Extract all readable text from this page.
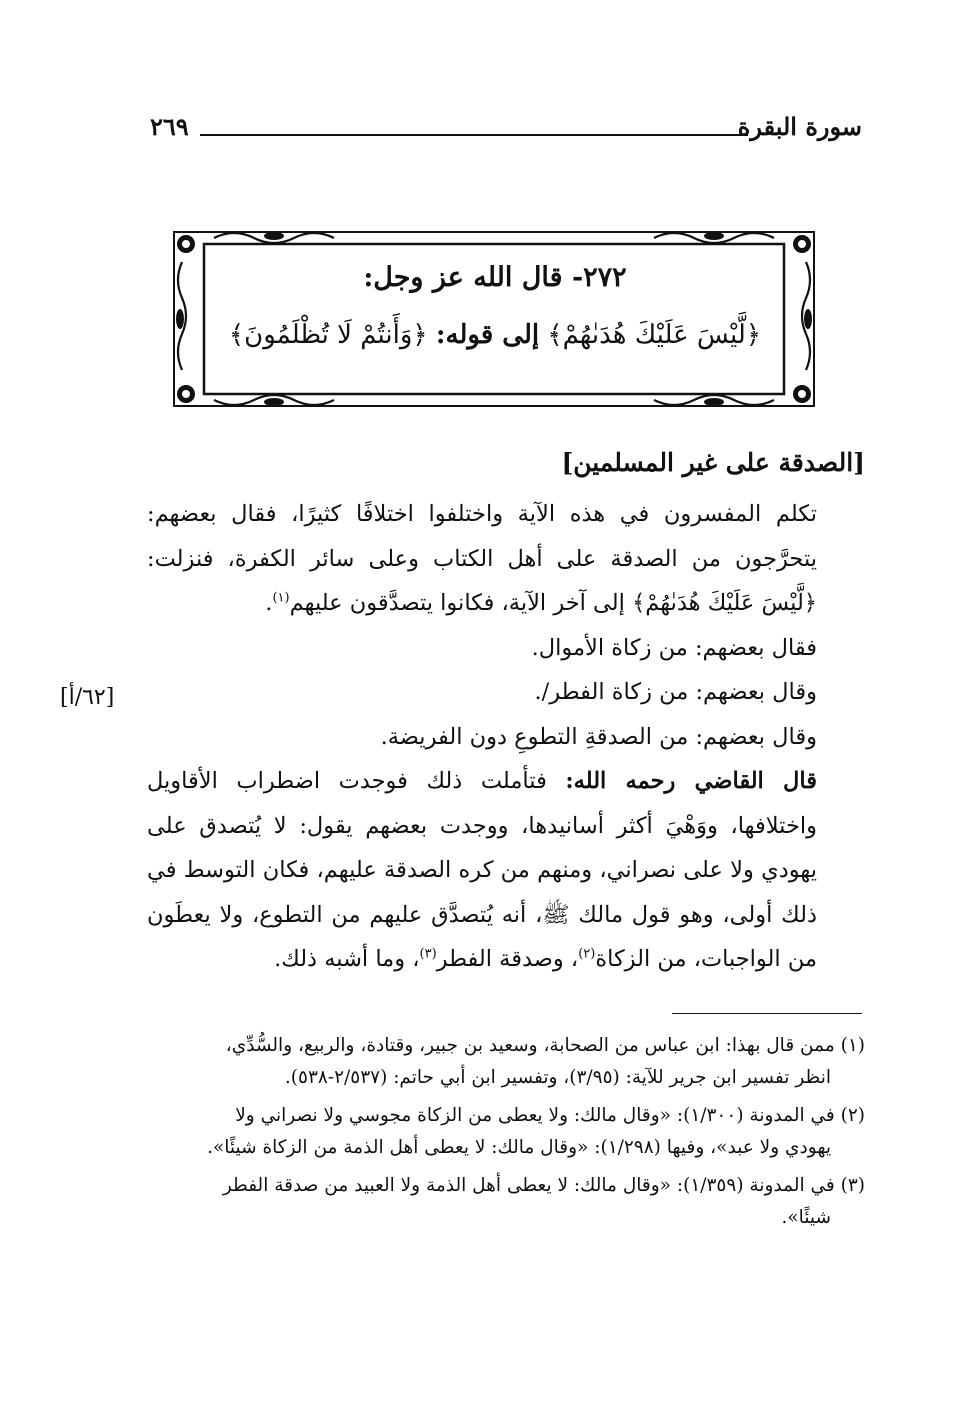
سورة البقرة
٢٦٩
٢٧٢- قال الله عز وجل:
﴿لَّيْسَ عَلَيْكَ هُدَىٰهُمْ﴾ إلى قوله: ﴿وَأَنتُمْ لَا تُظْلَمُونَ﴾
[الصدقة على غير المسلمين]
[٦٢/أ]

تكلم المفسرون في هذه الآية واختلفوا اختلافًا كثيرًا، فقال بعضهم: يتحرَّجون من الصدقة على أهل الكتاب وعلى سائر الكفرة، فنزلت: ﴿لَّيْسَ عَلَيْكَ هُدَىٰهُمْ﴾ إلى آخر الآية، فكانوا يتصدَّقون عليهم$^{(١)}$.

فقال بعضهم: من زكاة الأموال.

وقال بعضهم: من زكاة الفطر/.

وقال بعضهم: من الصدقةِ التطوعِ دون الفريضة.

قال القاضي رحمه الله: فتأملت ذلك فوجدت اضطراب الأقاويل واختلافها، ووَهْيَ أكثر أسانيدها، ووجدت بعضهم يقول: لا يُتصدق على يهودي ولا على نصراني، ومنهم من كره الصدقة عليهم، فكان التوسط في ذلك أولى، وهو قول مالك ﷺ، أنه يُتصدَّق عليهم من التطوع، ولا يعطَون من الواجبات، من الزكاة$^{(٢)}$، وصدقة الفطر$^{(٣)}$، وما أشبه ذلك.

(١) ممن قال بهذا: ابن عباس من الصحابة، وسعيد بن جبير، وقتادة، والربيع، والسُّدِّي،
انظر تفسير ابن جرير للآية: (٣/٩٥)، وتفسير ابن أبي حاتم: (٢/٥٣٧-٥٣٨).
(٢) في المدونة (١/٣٠٠): «وقال مالك: ولا يعطى من الزكاة مجوسي ولا نصراني ولا
يهودي ولا عبد»، وفيها (١/٢٩٨): «وقال مالك: لا يعطى أهل الذمة من الزكاة شيئًا».
(٣) في المدونة (١/٣٥٩): «وقال مالك: لا يعطى أهل الذمة ولا العبيد من صدقة الفطر
شيئًا».
